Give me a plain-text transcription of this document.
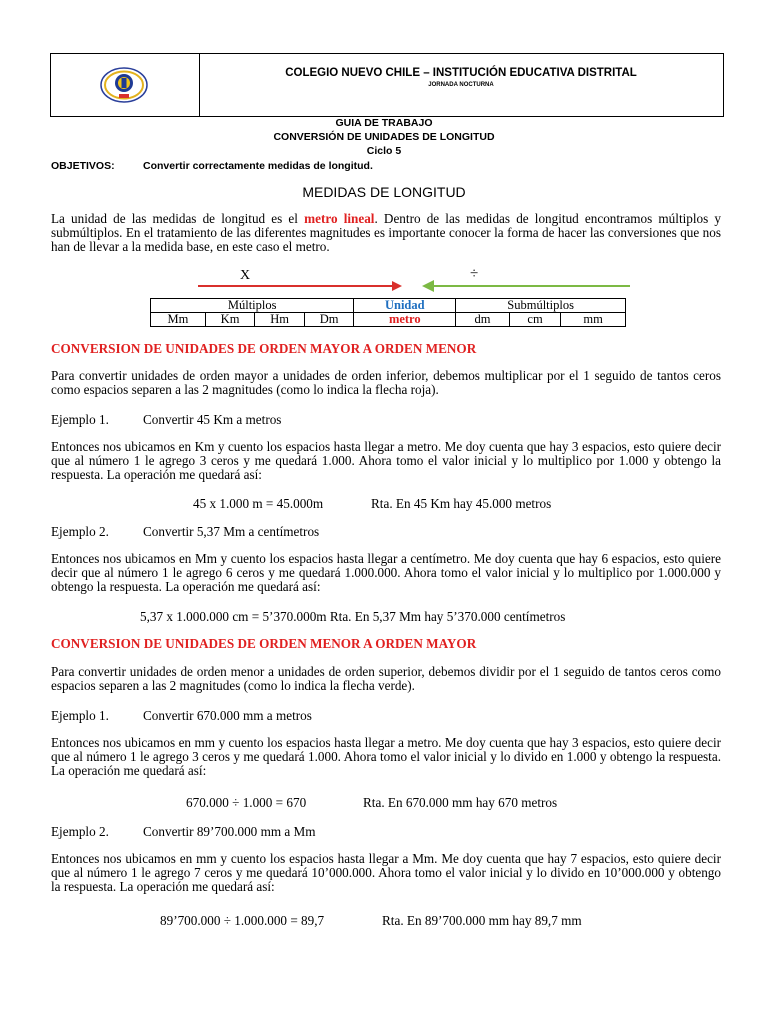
COLEGIO NUEVO CHILE – INSTITUCIÓN EDUCATIVA DISTRITAL
JORNADA NOCTURNA
GUIA DE TRABAJO
CONVERSIÓN DE UNIDADES DE LONGITUD
Ciclo 5
OBJETIVOS:	Convertir correctamente medidas de longitud.
MEDIDAS DE LONGITUD
La unidad de las medidas de longitud es el metro lineal. Dentro de las medidas de longitud encontramos múltiplos y submúltiplos. En el tratamiento de las diferentes magnitudes es importante conocer la forma de hacer las conversiones que nos han de llevar a la medida base, en este caso el metro.
X	÷
Múltiplos				Unidad	Submúltiplos		
Mm	Km	Hm	Dm	metro	dm	cm	mm
CONVERSION DE UNIDADES DE ORDEN MAYOR A ORDEN MENOR
Para convertir unidades de orden mayor a unidades de orden inferior, debemos multiplicar por el 1 seguido de tantos ceros como espacios separen a las 2 magnitudes (como lo indica la flecha roja).
Ejemplo 1.	Convertir 45 Km a metros
Entonces nos ubicamos en Km y cuento los espacios hasta llegar a metro. Me doy cuenta que hay 3 espacios, esto quiere decir que al número 1 le agrego 3 ceros y me quedará 1.000. Ahora tomo el valor inicial y lo multiplico por 1.000 y obtengo la respuesta. La operación me quedará así:
45 x 1.000 m = 45.000m	Rta. En 45 Km hay 45.000 metros
Ejemplo 2.	Convertir 5,37 Mm a centímetros
Entonces nos ubicamos en Mm y cuento los espacios hasta llegar a centímetro. Me doy cuenta que hay 6 espacios, esto quiere decir que al número 1 le agrego 6 ceros y me quedará 1.000.000. Ahora tomo el valor inicial y lo multiplico por 1.000.000 y obtengo la respuesta. La operación me quedará así:
5,37 x 1.000.000 cm = 5’370.000m Rta. En 5,37 Mm hay 5’370.000 centímetros
CONVERSION DE UNIDADES DE ORDEN MENOR A ORDEN MAYOR
Para convertir unidades de orden menor a unidades de orden superior, debemos dividir por el 1 seguido de tantos ceros como espacios separen a las 2 magnitudes (como lo indica la flecha verde).
Ejemplo 1.	Convertir 670.000 mm a metros
Entonces nos ubicamos en mm y cuento los espacios hasta llegar a metro. Me doy cuenta que hay 3 espacios, esto quiere decir que al número 1 le agrego 3 ceros y me quedará 1.000. Ahora tomo el valor inicial y lo divido en 1.000 y obtengo la respuesta. La operación me quedará así:
670.000 ÷ 1.000 = 670	Rta. En 670.000 mm hay 670 metros
Ejemplo 2.	Convertir 89’700.000 mm a Mm
Entonces nos ubicamos en mm y cuento los espacios hasta llegar a Mm. Me doy cuenta que hay 7 espacios, esto quiere decir que al número 1 le agrego 7 ceros y me quedará 10’000.000. Ahora tomo el valor inicial y lo divido en 10’000.000 y obtengo la respuesta. La operación me quedará así:
89’700.000 ÷ 1.000.000 = 89,7	Rta. En 89’700.000 mm hay 89,7 mm
